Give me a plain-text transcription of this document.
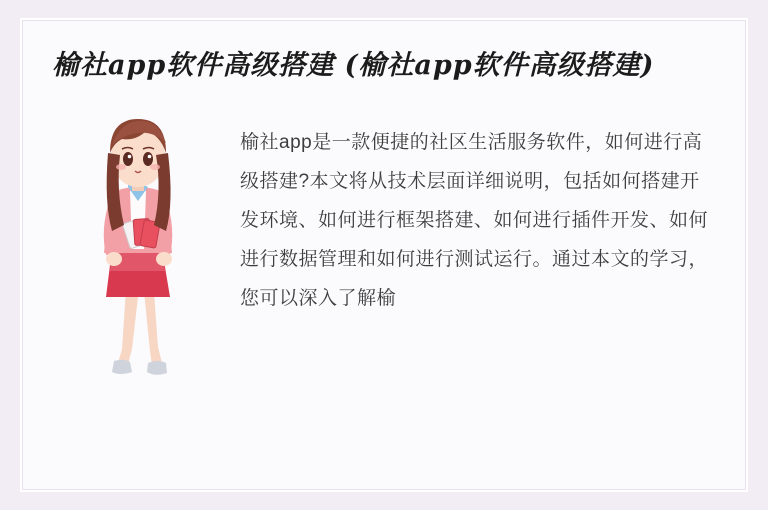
榆社app软件高级搭建 (榆社app软件高级搭建)

榆社app是一款便捷的社区生活服务软件，如何进行高级搭建?本文将从技术层面详细说明，包括如何搭建开发环境、如何进行框架搭建、如何进行插件开发、如何进行数据管理和如何进行测试运行。通过本文的学习，您可以深入了解榆
